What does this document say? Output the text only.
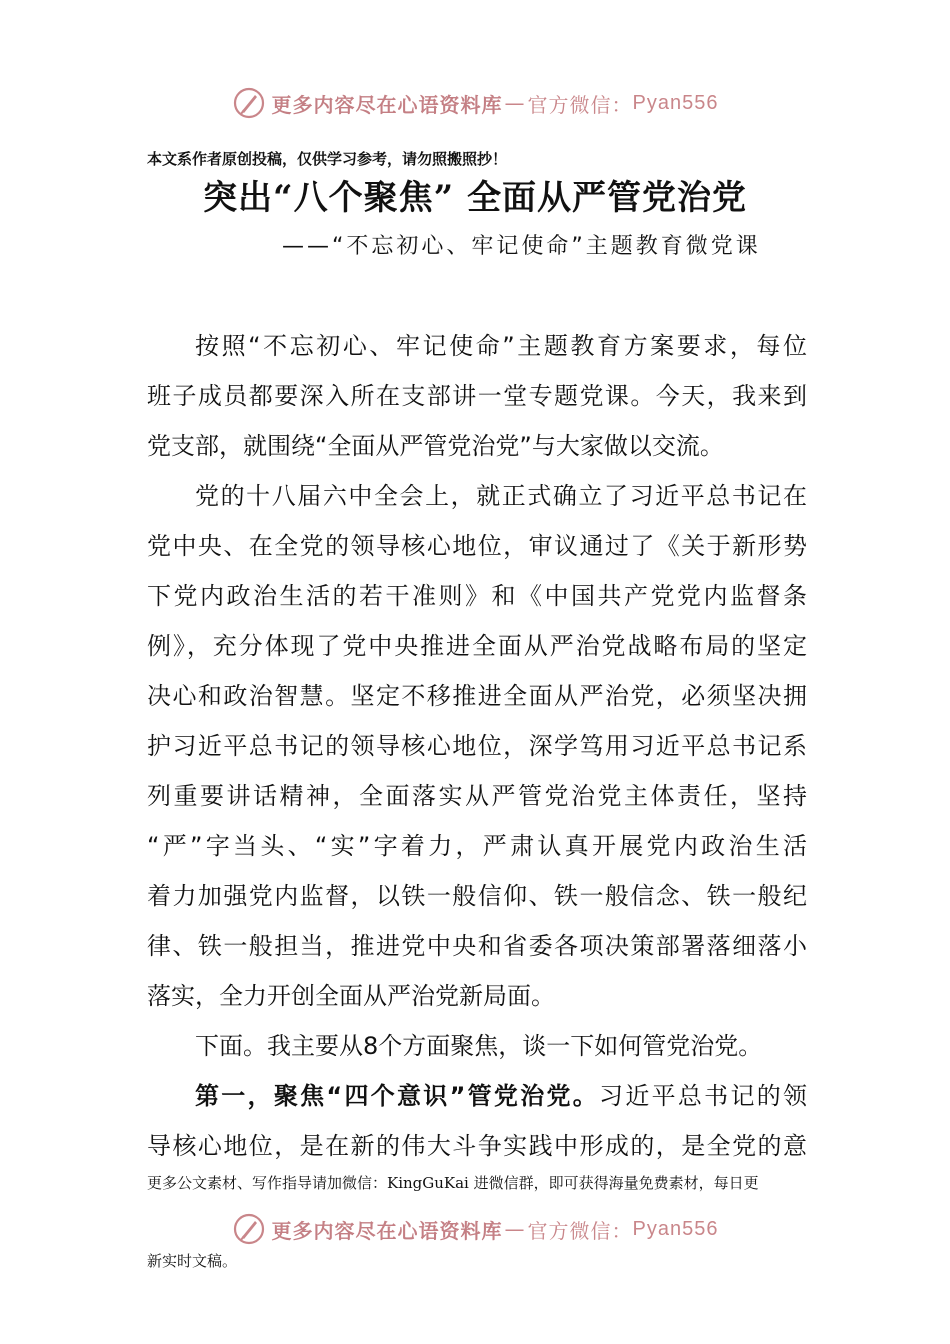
更多内容尽在心语资料库 — 官方微信： Pyan556
本文系作者原创投稿，仅供学习参考，请勿照搬照抄！
突出“八个聚焦” 全面从严管党治党
——“不忘初心、牢记使命”主题教育微党课
按照“不忘初心、牢记使命”主题教育方案要求，每位
班子成员都要深入所在支部讲一堂专题党课。今天，我来到
党支部，就围绕“全面从严管党治党”与大家做以交流。
党的十八届六中全会上，就正式确立了习近平总书记在
党中央、在全党的领导核心地位，审议通过了《关于新形势
下党内政治生活的若干准则》和《中国共产党党内监督条
例》，充分体现了党中央推进全面从严治党战略布局的坚定
决心和政治智慧。坚定不移推进全面从严治党，必须坚决拥
护习近平总书记的领导核心地位，深学笃用习近平总书记系
列重要讲话精神，全面落实从严管党治党主体责任，坚持
“严”字当头、“实”字着力，严肃认真开展党内政治生活
着力加强党内监督，以铁一般信仰、铁一般信念、铁一般纪
律、铁一般担当，推进党中央和省委各项决策部署落细落小
落实，全力开创全面从严治党新局面。
下面。我主要从8个方面聚焦，谈一下如何管党治党。
第一，聚焦“四个意识”管党治党。习近平总书记的领
导核心地位，是在新的伟大斗争实践中形成的，是全党的意
更多公文素材、写作指导请加微信：KingGuKai 进微信群，即可获得海量免费素材，每日更
更多内容尽在心语资料库 — 官方微信： Pyan556
新实时文稿。
